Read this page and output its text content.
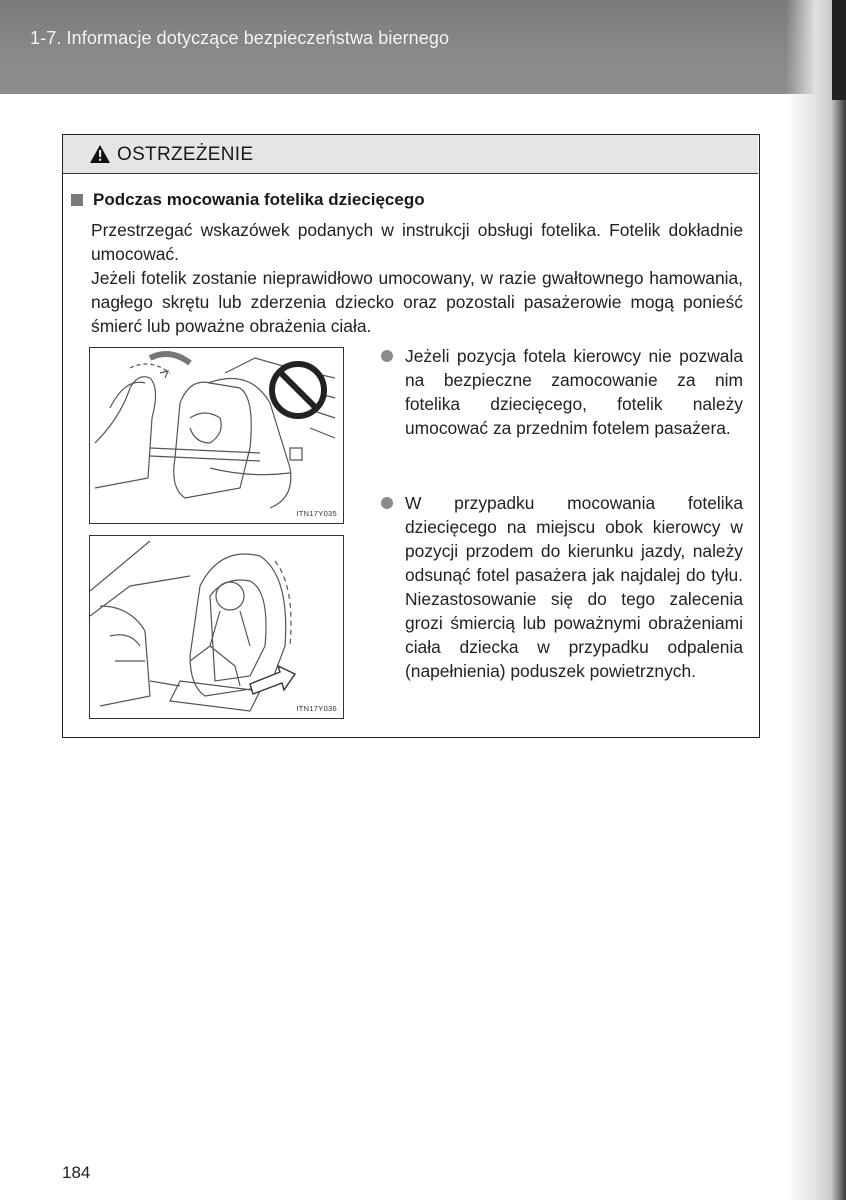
1-7. Informacje dotyczące bezpieczeństwa biernego
OSTRZEŻENIE
Podczas mocowania fotelika dziecięcego
Przestrzegać wskazówek podanych w instrukcji obsługi fotelika. Fotelik dokładnie umocować.
Jeżeli fotelik zostanie nieprawidłowo umocowany, w razie gwałtownego hamowania, nagłego skrętu lub zderzenia dziecko oraz pozostali pasażerowie mogą ponieść śmierć lub poważne obrażenia ciała.
ITN17Y035
ITN17Y036
Jeżeli pozycja fotela kierowcy nie pozwala na bezpieczne zamocowanie za nim fotelika dziecięcego, fotelik należy umocować za przednim fotelem pasażera.
W przypadku mocowania fotelika dziecięcego na miejscu obok kierowcy w pozycji przodem do kierunku jazdy, należy odsunąć fotel pasażera jak najdalej do tyłu. Niezastosowanie się do tego zalecenia grozi śmiercią lub poważnymi obrażeniami ciała dziecka w przypadku odpalenia (napełnienia) poduszek powietrznych.
184
